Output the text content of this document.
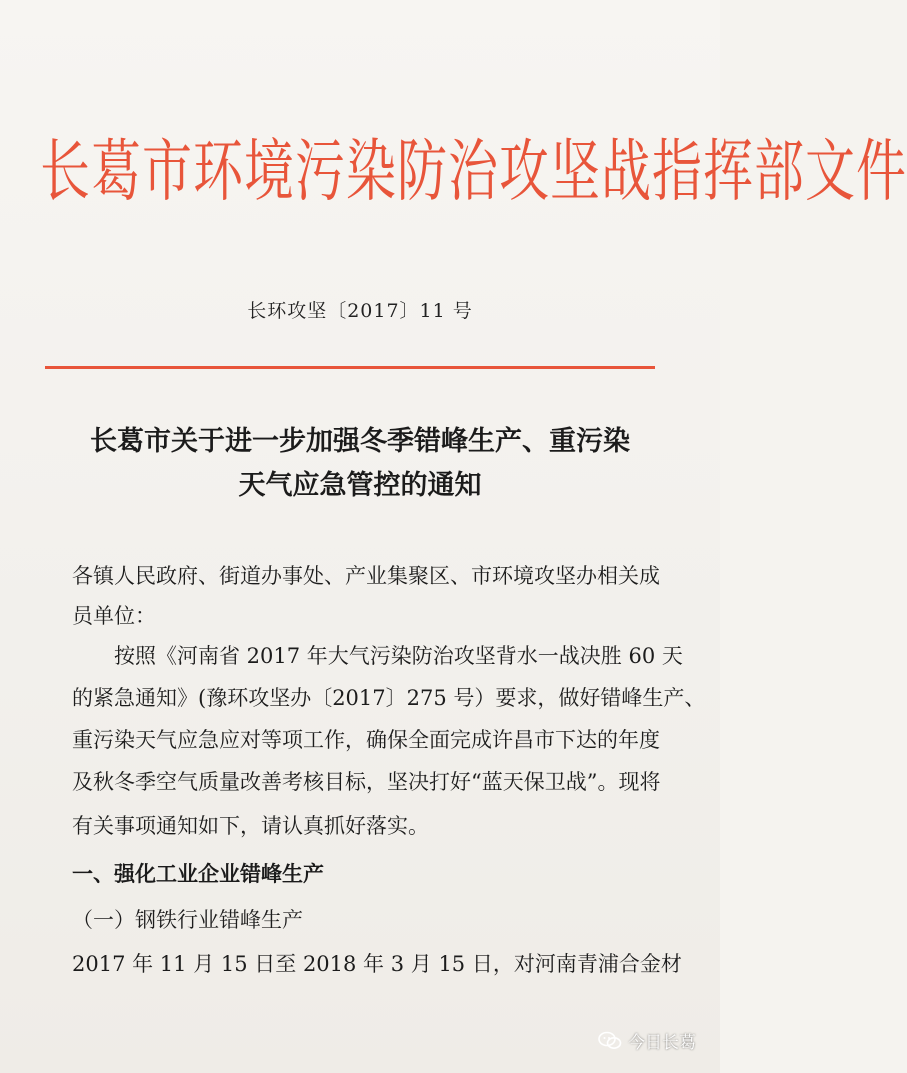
长葛市环境污染防治攻坚战指挥部文件
长环攻坚〔2017〕11 号
长葛市关于进一步加强冬季错峰生产、重污染
天气应急管控的通知
各镇人民政府、街道办事处、产业集聚区、市环境攻坚办相关成
员单位：
按照《河南省 2017 年大气污染防治攻坚背水一战决胜 60 天
的紧急通知》(豫环攻坚办〔2017〕275 号）要求，做好错峰生产、
重污染天气应急应对等项工作，确保全面完成许昌市下达的年度
及秋冬季空气质量改善考核目标，坚决打好“蓝天保卫战”。现将
有关事项通知如下，请认真抓好落实。
一、强化工业企业错峰生产
（一）钢铁行业错峰生产
2017 年 11 月 15 日至 2018 年 3 月 15 日，对河南青浦合金材
今日长葛
